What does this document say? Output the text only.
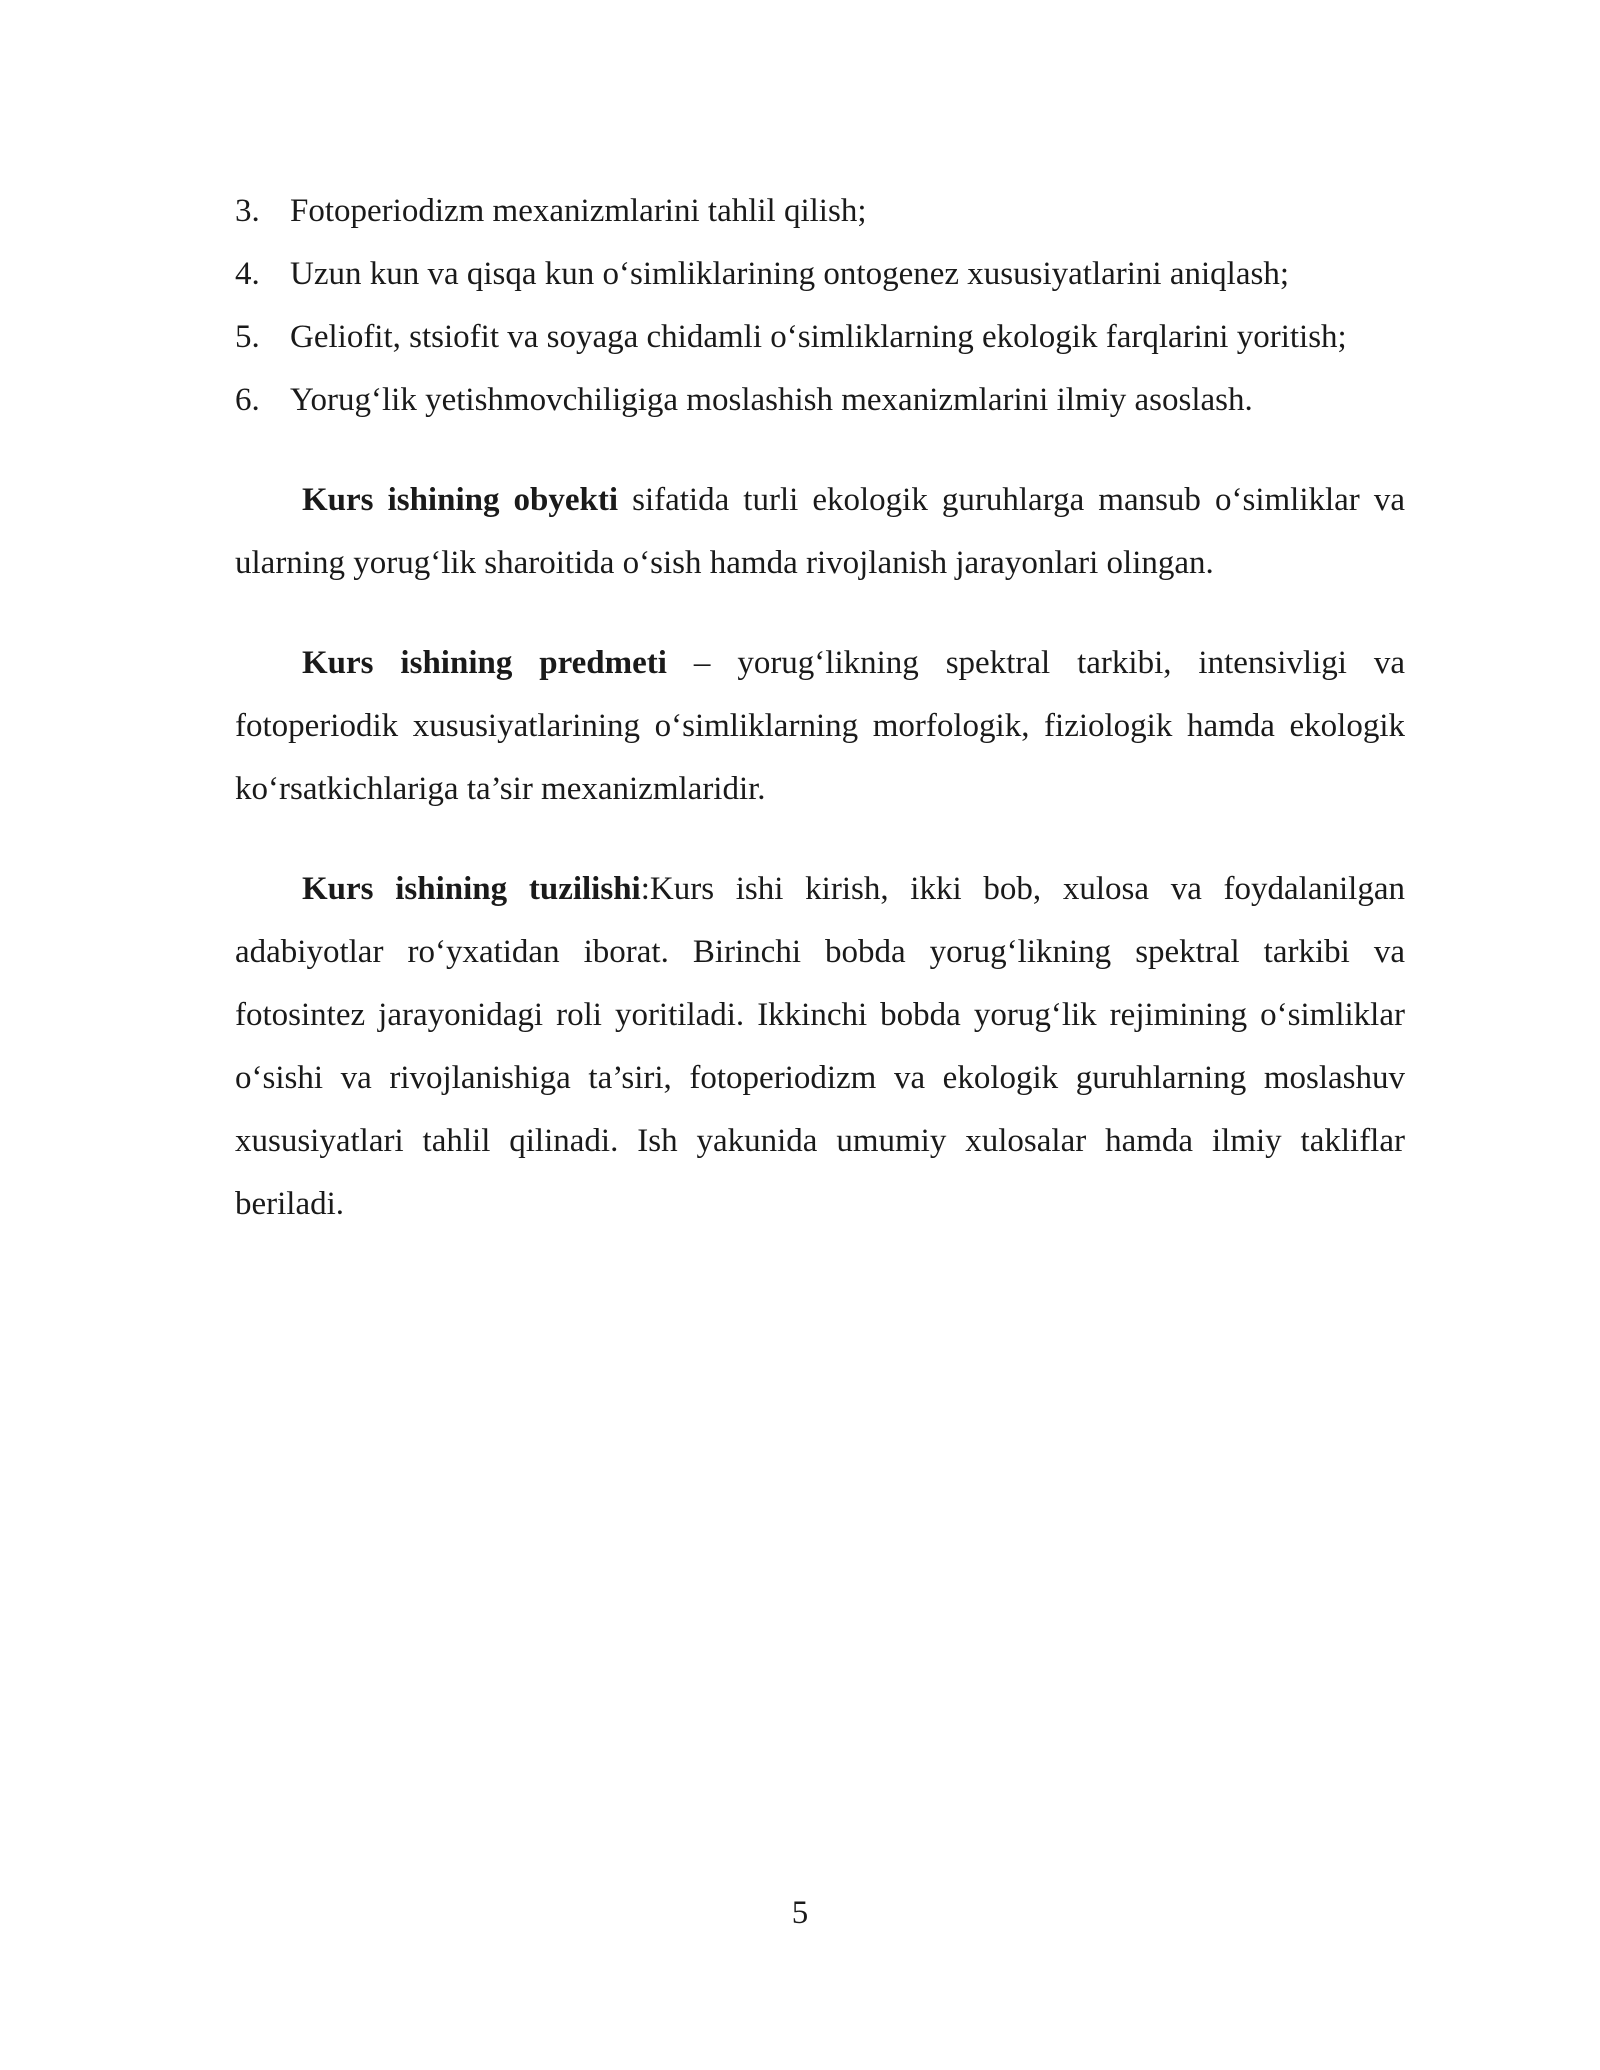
3. Fotoperiodizm mexanizmlarini tahlil qilish;
4. Uzun kun va qisqa kun o‘simliklarining ontogenez xususiyatlarini aniqlash;
5. Geliofit, stsiofit va soyaga chidamli o‘simliklarning ekologik farqlarini yoritish;
6. Yorug‘lik yetishmovchiligiga moslashish mexanizmlarini ilmiy asoslash.

Kurs ishining obyekti sifatida turli ekologik guruhlarga mansub o‘simliklar va ularning yorug‘lik sharoitida o‘sish hamda rivojlanish jarayonlari olingan.

Kurs ishining predmeti – yorug‘likning spektral tarkibi, intensivligi va fotoperiodik xususiyatlarining o‘simliklarning morfologik, fiziologik hamda ekologik ko‘rsatkichlariga ta’sir mexanizmlaridir.

Kurs ishining tuzilishi:Kurs ishi kirish, ikki bob, xulosa va foydalanilgan adabiyotlar ro‘yxatidan iborat. Birinchi bobda yorug‘likning spektral tarkibi va fotosintez jarayonidagi roli yoritiladi. Ikkinchi bobda yorug‘lik rejimining o‘simliklar o‘sishi va rivojlanishiga ta’siri, fotoperiodizm va ekologik guruhlarning moslashuv xususiyatlari tahlil qilinadi. Ish yakunida umumiy xulosalar hamda ilmiy takliflar beriladi.

5
